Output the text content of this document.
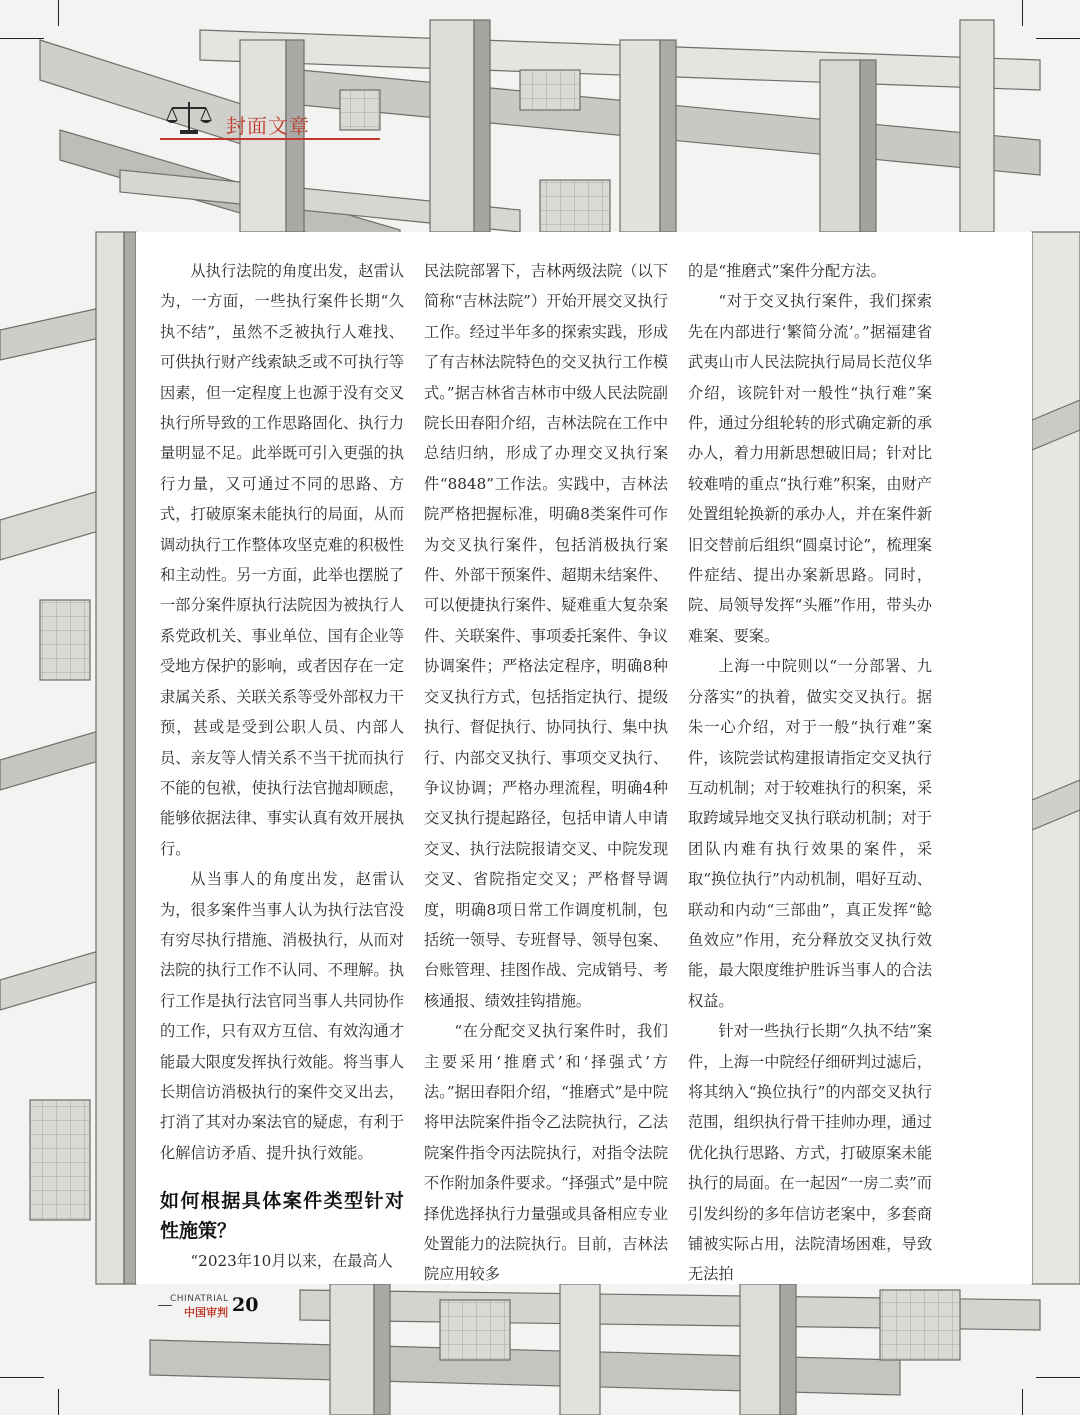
封面文章

从执行法院的角度出发，赵雷认为，一方面，一些执行案件长期“久执不结”，虽然不乏被执行人难找、可供执行财产线索缺乏或不可执行等因素，但一定程度上也源于没有交叉执行所导致的工作思路固化、执行力量明显不足。此举既可引入更强的执行力量，又可通过不同的思路、方式，打破原案未能执行的局面，从而调动执行工作整体攻坚克难的积极性和主动性。另一方面，此举也摆脱了一部分案件原执行法院因为被执行人系党政机关、事业单位、国有企业等受地方保护的影响，或者因存在一定隶属关系、关联关系等受外部权力干预，甚或是受到公职人员、内部人员、亲友等人情关系不当干扰而执行不能的包袱，使执行法官抛却顾虑，能够依据法律、事实认真有效开展执行。

从当事人的角度出发，赵雷认为，很多案件当事人认为执行法官没有穷尽执行措施、消极执行，从而对法院的执行工作不认同、不理解。执行工作是执行法官同当事人共同协作的工作，只有双方互信、有效沟通才能最大限度发挥执行效能。将当事人长期信访消极执行的案件交叉出去，打消了其对办案法官的疑虑，有利于化解信访矛盾、提升执行效能。

如何根据具体案件类型针对性施策？

“2023年10月以来，在最高人

民法院部署下，吉林两级法院（以下简称“吉林法院”）开始开展交叉执行工作。经过半年多的探索实践，形成了有吉林法院特色的交叉执行工作模式。”据吉林省吉林市中级人民法院副院长田春阳介绍，吉林法院在工作中总结归纳，形成了办理交叉执行案件“8848”工作法。实践中，吉林法院严格把握标准，明确8类案件可作为交叉执行案件，包括消极执行案件、外部干预案件、超期未结案件、可以便捷执行案件、疑难重大复杂案件、关联案件、事项委托案件、争议协调案件；严格法定程序，明确8种交叉执行方式，包括指定执行、提级执行、督促执行、协同执行、集中执行、内部交叉执行、事项交叉执行、争议协调；严格办理流程，明确4种交叉执行提起路径，包括申请人申请交叉、执行法院报请交叉、中院发现交叉、省院指定交叉；严格督导调度，明确8项日常工作调度机制，包括统一领导、专班督导、领导包案、台账管理、挂图作战、完成销号、考核通报、绩效挂钩措施。

“在分配交叉执行案件时，我们主要采用‘推磨式’和‘择强式’方法。”据田春阳介绍，“推磨式”是中院将甲法院案件指令乙法院执行，乙法院案件指令丙法院执行，对指令法院不作附加条件要求。“择强式”是中院择优选择执行力量强或具备相应专业处置能力的法院执行。目前，吉林法院应用较多

的是“推磨式”案件分配方法。

“对于交叉执行案件，我们探索先在内部进行‘繁简分流’。”据福建省武夷山市人民法院执行局局长范仪华介绍，该院针对一般性“执行难”案件，通过分组轮转的形式确定新的承办人，着力用新思想破旧局；针对比较难啃的重点“执行难”积案，由财产处置组轮换新的承办人，并在案件新旧交替前后组织“圆桌讨论”，梳理案件症结、提出办案新思路。同时，院、局领导发挥“头雁”作用，带头办难案、要案。

上海一中院则以“一分部署、九分落实”的执着，做实交叉执行。据朱一心介绍，对于一般“执行难”案件，该院尝试构建报请指定交叉执行互动机制；对于较难执行的积案，采取跨域异地交叉执行联动机制；对于团队内难有执行效果的案件，采取“换位执行”内动机制，唱好互动、联动和内动“三部曲”，真正发挥“鲶鱼效应”作用，充分释放交叉执行效能，最大限度维护胜诉当事人的合法权益。

针对一些执行长期“久执不结”案件，上海一中院经仔细研判过滤后，将其纳入“换位执行”的内部交叉执行范围，组织执行骨干挂帅办理，通过优化执行思路、方式，打破原案未能执行的局面。在一起因“一房二卖”而引发纠纷的多年信访老案中，多套商铺被实际占用，法院清场困难，导致无法拍

CHINATRIAL
中国审判 20
